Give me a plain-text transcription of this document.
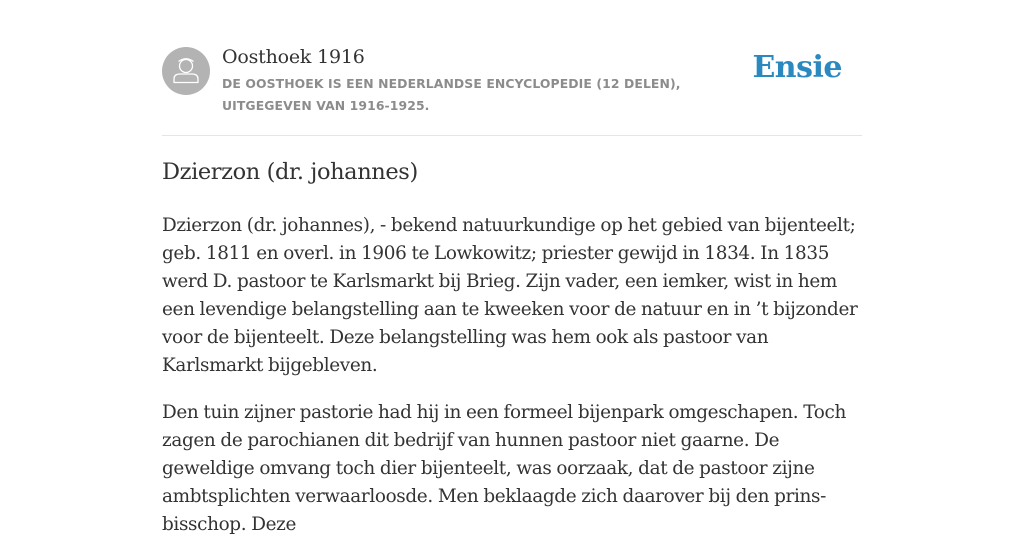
Oosthoek 1916
DE OOSTHOEK IS EEN NEDERLANDSE ENCYCLOPEDIE (12 DELEN), UITGEGEVEN VAN 1916-1925.
Ensie
Dzierzon (dr. johannes)

Dzierzon (dr. johannes), - bekend natuurkundige op het gebied van bijenteelt; geb. 1811 en overl. in 1906 te Lowkowitz; priester gewijd in 1834. In 1835 werd D. pastoor te Karlsmarkt bij Brieg. Zijn vader, een iemker, wist in hem een levendige belangstelling aan te kweeken voor de natuur en in ’t bijzonder voor de bijenteelt. Deze belangstelling was hem ook als pastoor van Karlsmarkt bijgebleven.

Den tuin zijner pastorie had hij in een formeel bijenpark omgeschapen. Toch zagen de parochianen dit bedrijf van hunnen pastoor niet gaarne. De geweldige omvang toch dier bijenteelt, was oorzaak, dat de pastoor zijne ambtsplichten verwaarloosde. Men beklaagde zich daarover bij den prins-bisschop. Deze
